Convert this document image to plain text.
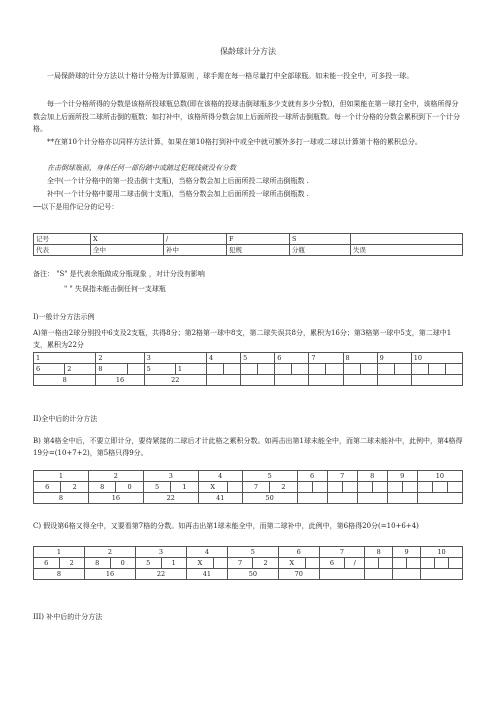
保龄球计分方法

一局保龄球的计分方法以十格计分格为计算原则 ，球手需在每一格尽量打中全部球瓶。如未能一投全中，可多投一球。

每一个计分格所得的分数是该格所投球瓶总数(即在该格的投球击倒球瓶多少支就有多少分数)，但如果能在第一球打全中，该格所得分数会加上后面所投二球所击倒的瓶数；如打补中，该格所得分数会加上后面所投一球所击倒瓶数。每一个计分格的分数会累积到下一个计分格。

**在第10个计分格亦以同样方法计算，如果在第10格打到补中或全中就可额外多打一球或二球以计算第十格的累积总分。

在击倒球瓶前，身体任何一部份踏中或踏过犯规线就没有分数

全中(一个计分格中的第一投击倒十支瓶)，当格分数会加上后面所投二球所击倒瓶数 .

补中(一个计分格中要用二球击倒十支瓶)，当格分数会加上后面所投一球所击倒瓶数 .

──以下是用作记分的记号：

记号	X	/	F	S	
代表	全中	补中	犯规	分瓶	失误

备注： "S" 是代表余瓶做成分瓶现象 ，对计分没有影响

" " 失误指未能击倒任何一支球瓶

I)一般计分方法示例

A)第一格由2球分别投中6支及2支瓶，共得8分；第2格第一球中8支，第二球失误共8分，累积为16分；第3格第一球中5支，第二球中1支，累积为22分

1		2		3		4		5		6		7		8		9		10		
6	2	8		5	1															
8		16		22																
II)全中后的计分方法

B) 第4格全中后，不要立即计分，要待紧接的二球后才计此格之累积分数。如再击出第1球未能全中，而第二球未能补中，此例中，第4格得19分=(10+7+2)，第5格只得9分。

1		2		3		4		5		6		7		8		9		10		
6	2	8	0	5	1	X		7	2											
8		16		22		41		50												

C) 假设第6格又得全中，又要看第7格的分数。如再击出第1球未能全中，而第二球补中，此例中，第6格得20分(=10+6+4)

1		2		3		4		5		6		7		8		9		10		
6	2	8	0	5	1	X		7	2	X		6	/							
8		16		22		41		50		70										
III) 补中后的计分方法
